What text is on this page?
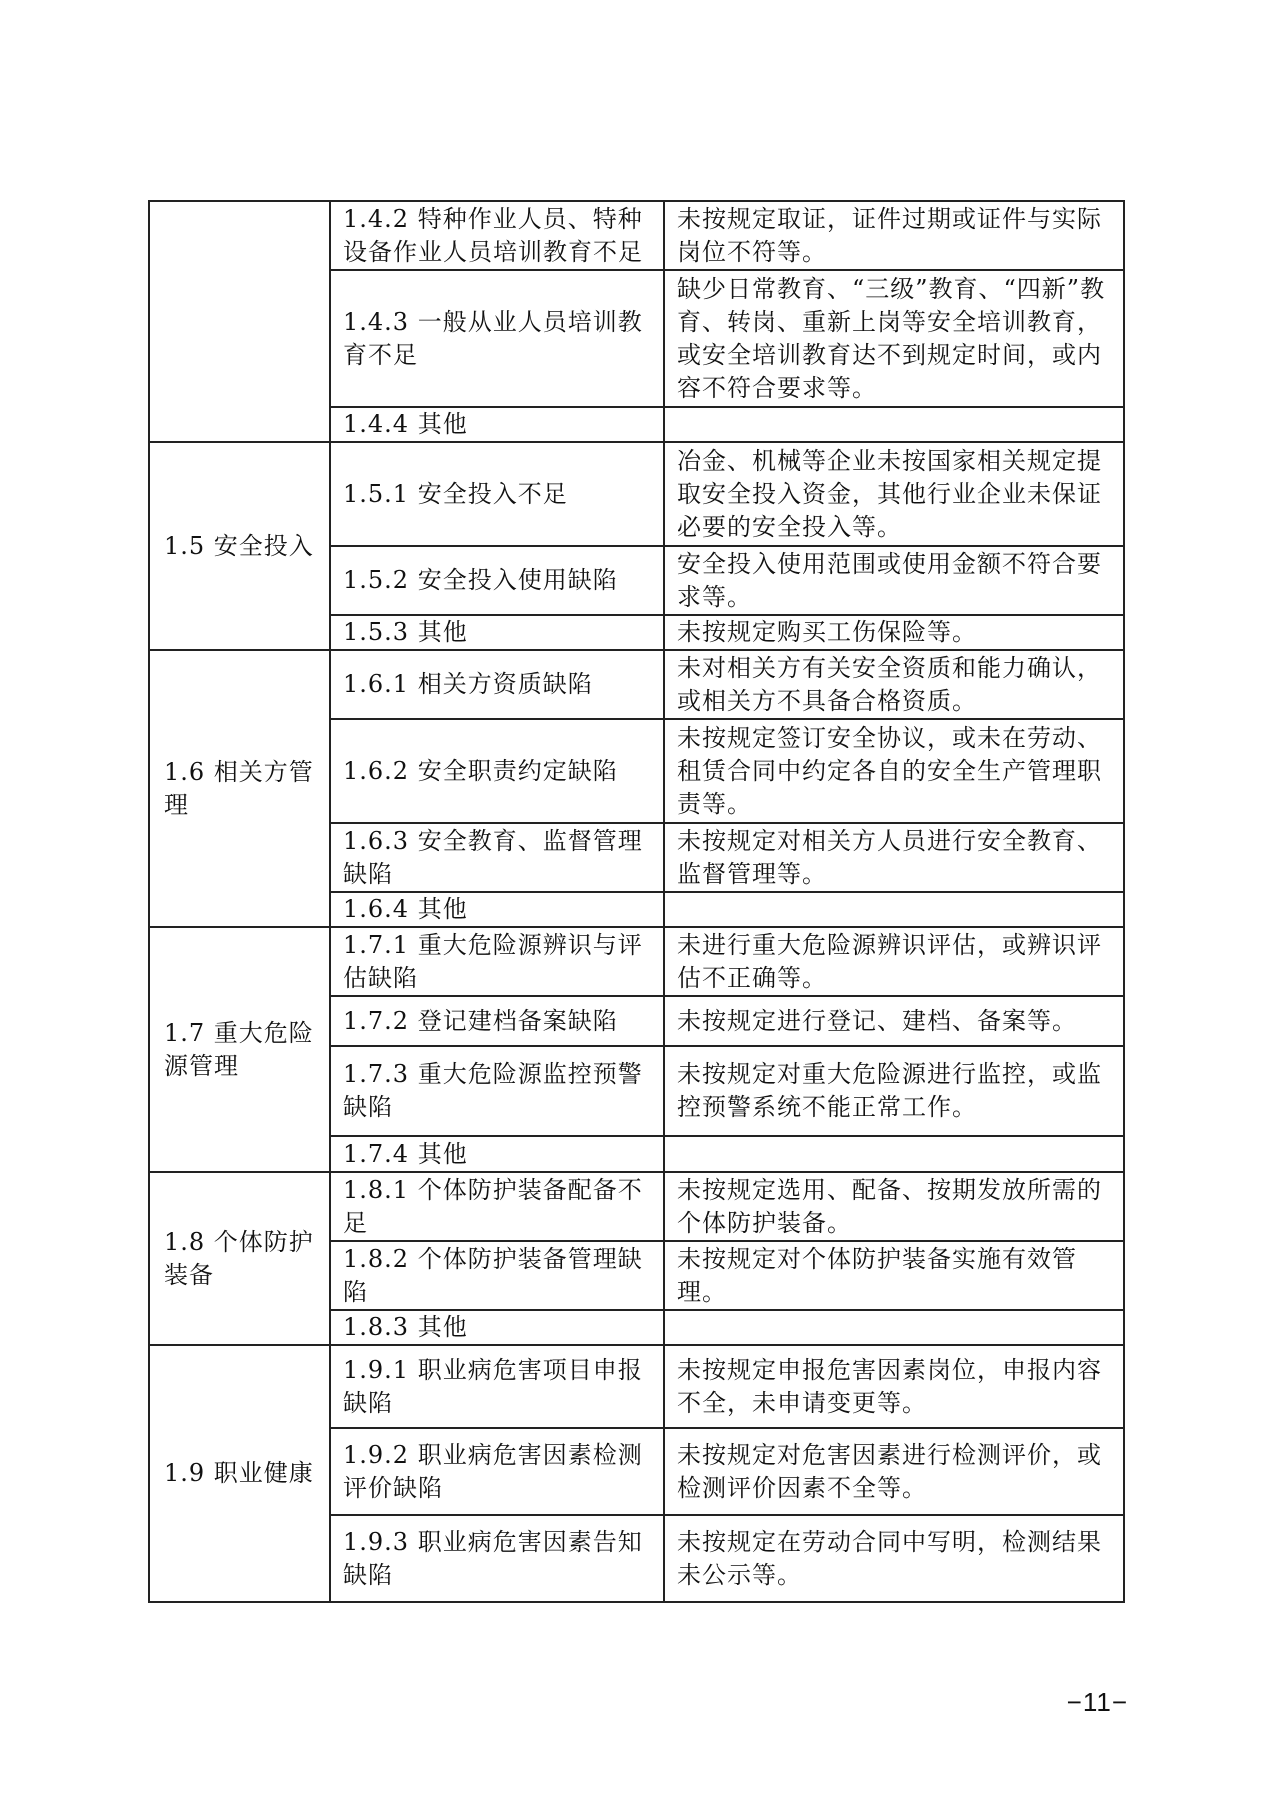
	1.4.2 特种作业人员、特种设备作业人员培训教育不足	未按规定取证，证件过期或证件与实际岗位不符等。
	1.4.3 一般从业人员培训教育不足	缺少日常教育、“三级”教育、“四新”教育、转岗、重新上岗等安全培训教育，或安全培训教育达不到规定时间，或内容不符合要求等。
	1.4.4 其他	
1.5 安全投入	1.5.1 安全投入不足	冶金、机械等企业未按国家相关规定提取安全投入资金，其他行业企业未保证必要的安全投入等。
	1.5.2 安全投入使用缺陷	安全投入使用范围或使用金额不符合要求等。
	1.5.3 其他	未按规定购买工伤保险等。
1.6 相关方管理	1.6.1 相关方资质缺陷	未对相关方有关安全资质和能力确认，或相关方不具备合格资质。
	1.6.2 安全职责约定缺陷	未按规定签订安全协议，或未在劳动、租赁合同中约定各自的安全生产管理职责等。
	1.6.3 安全教育、监督管理缺陷	未按规定对相关方人员进行安全教育、监督管理等。
	1.6.4 其他	
1.7 重大危险源管理	1.7.1 重大危险源辨识与评估缺陷	未进行重大危险源辨识评估，或辨识评估不正确等。
	1.7.2 登记建档备案缺陷	未按规定进行登记、建档、备案等。
	1.7.3 重大危险源监控预警缺陷	未按规定对重大危险源进行监控，或监控预警系统不能正常工作。
	1.7.4 其他	
1.8 个体防护装备	1.8.1 个体防护装备配备不足	未按规定选用、配备、按期发放所需的个体防护装备。
	1.8.2 个体防护装备管理缺陷	未按规定对个体防护装备实施有效管理。
	1.8.3 其他	
1.9 职业健康	1.9.1 职业病危害项目申报缺陷	未按规定申报危害因素岗位，申报内容不全，未申请变更等。
	1.9.2 职业病危害因素检测评价缺陷	未按规定对危害因素进行检测评价，或检测评价因素不全等。
	1.9.3 职业病危害因素告知缺陷	未按规定在劳动合同中写明，检测结果未公示等。
−11−
